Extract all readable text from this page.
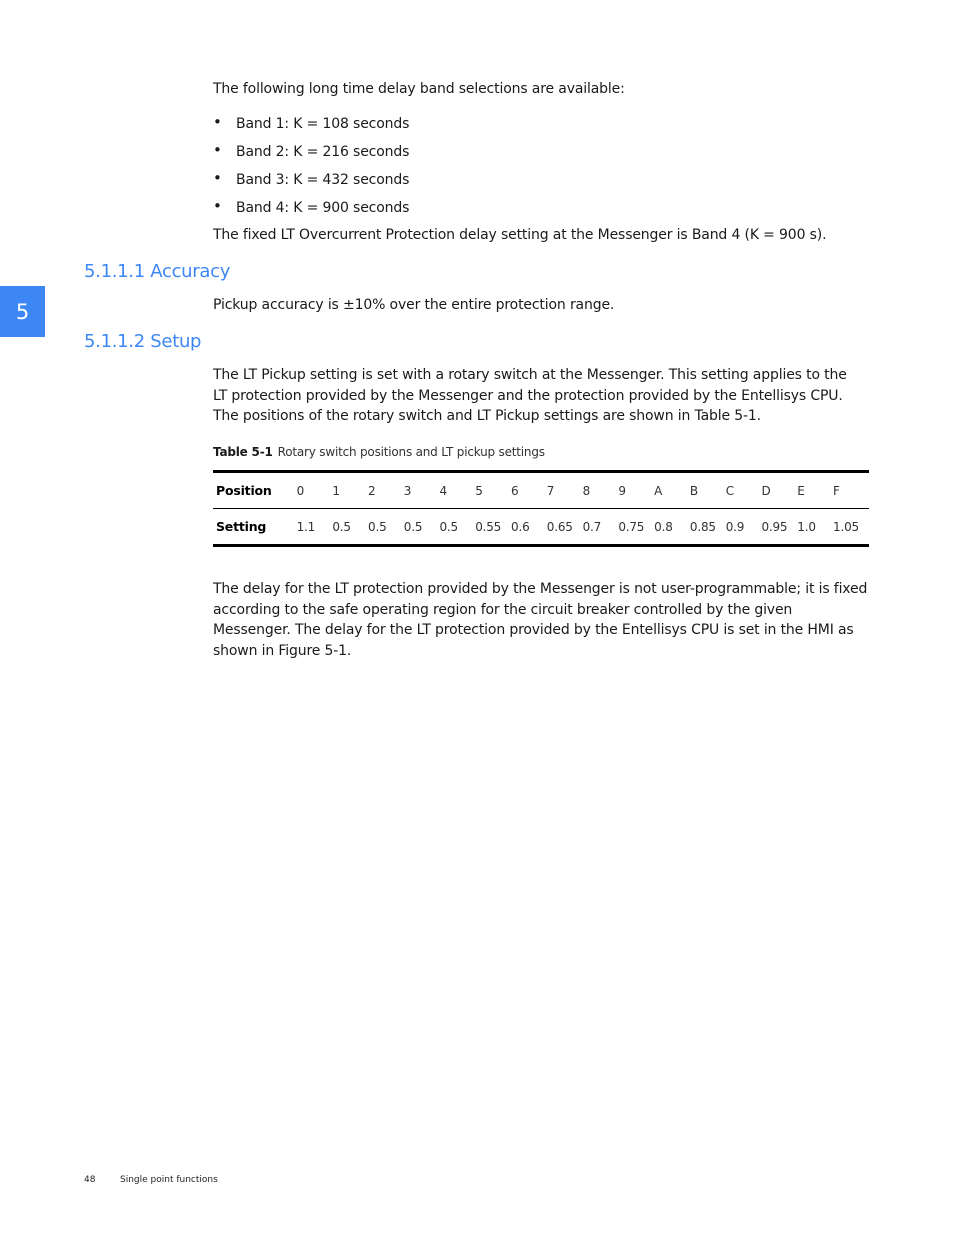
5

The following long time delay band selections are available:

• Band 1: K = 108 seconds
• Band 2: K = 216 seconds
• Band 3: K = 432 seconds
• Band 4: K = 900 seconds

The fixed LT Overcurrent Protection delay setting at the Messenger is Band 4 (K = 900 s).

5.1.1.1 Accuracy

Pickup accuracy is ±10% over the entire protection range.

5.1.1.2 Setup

The LT Pickup setting is set with a rotary switch at the Messenger. This setting applies to the LT protection provided by the Messenger and the protection provided by the Entellisys CPU. The positions of the rotary switch and LT Pickup settings are shown in Table 5-1.

Table 5-1 Rotary switch positions and LT pickup settings

Position	0	1	2	3	4	5	6	7	8	9	A	B	C	D	E	F
Setting	1.1	0.5	0.5	0.5	0.5	0.55	0.6	0.65	0.7	0.75	0.8	0.85	0.9	0.95	1.0	1.05

The delay for the LT protection provided by the Messenger is not user-programmable; it is fixed according to the safe operating region for the circuit breaker controlled by the given Messenger. The delay for the LT protection provided by the Entellisys CPU is set in the HMI as shown in Figure 5-1.

48	Single point functions
